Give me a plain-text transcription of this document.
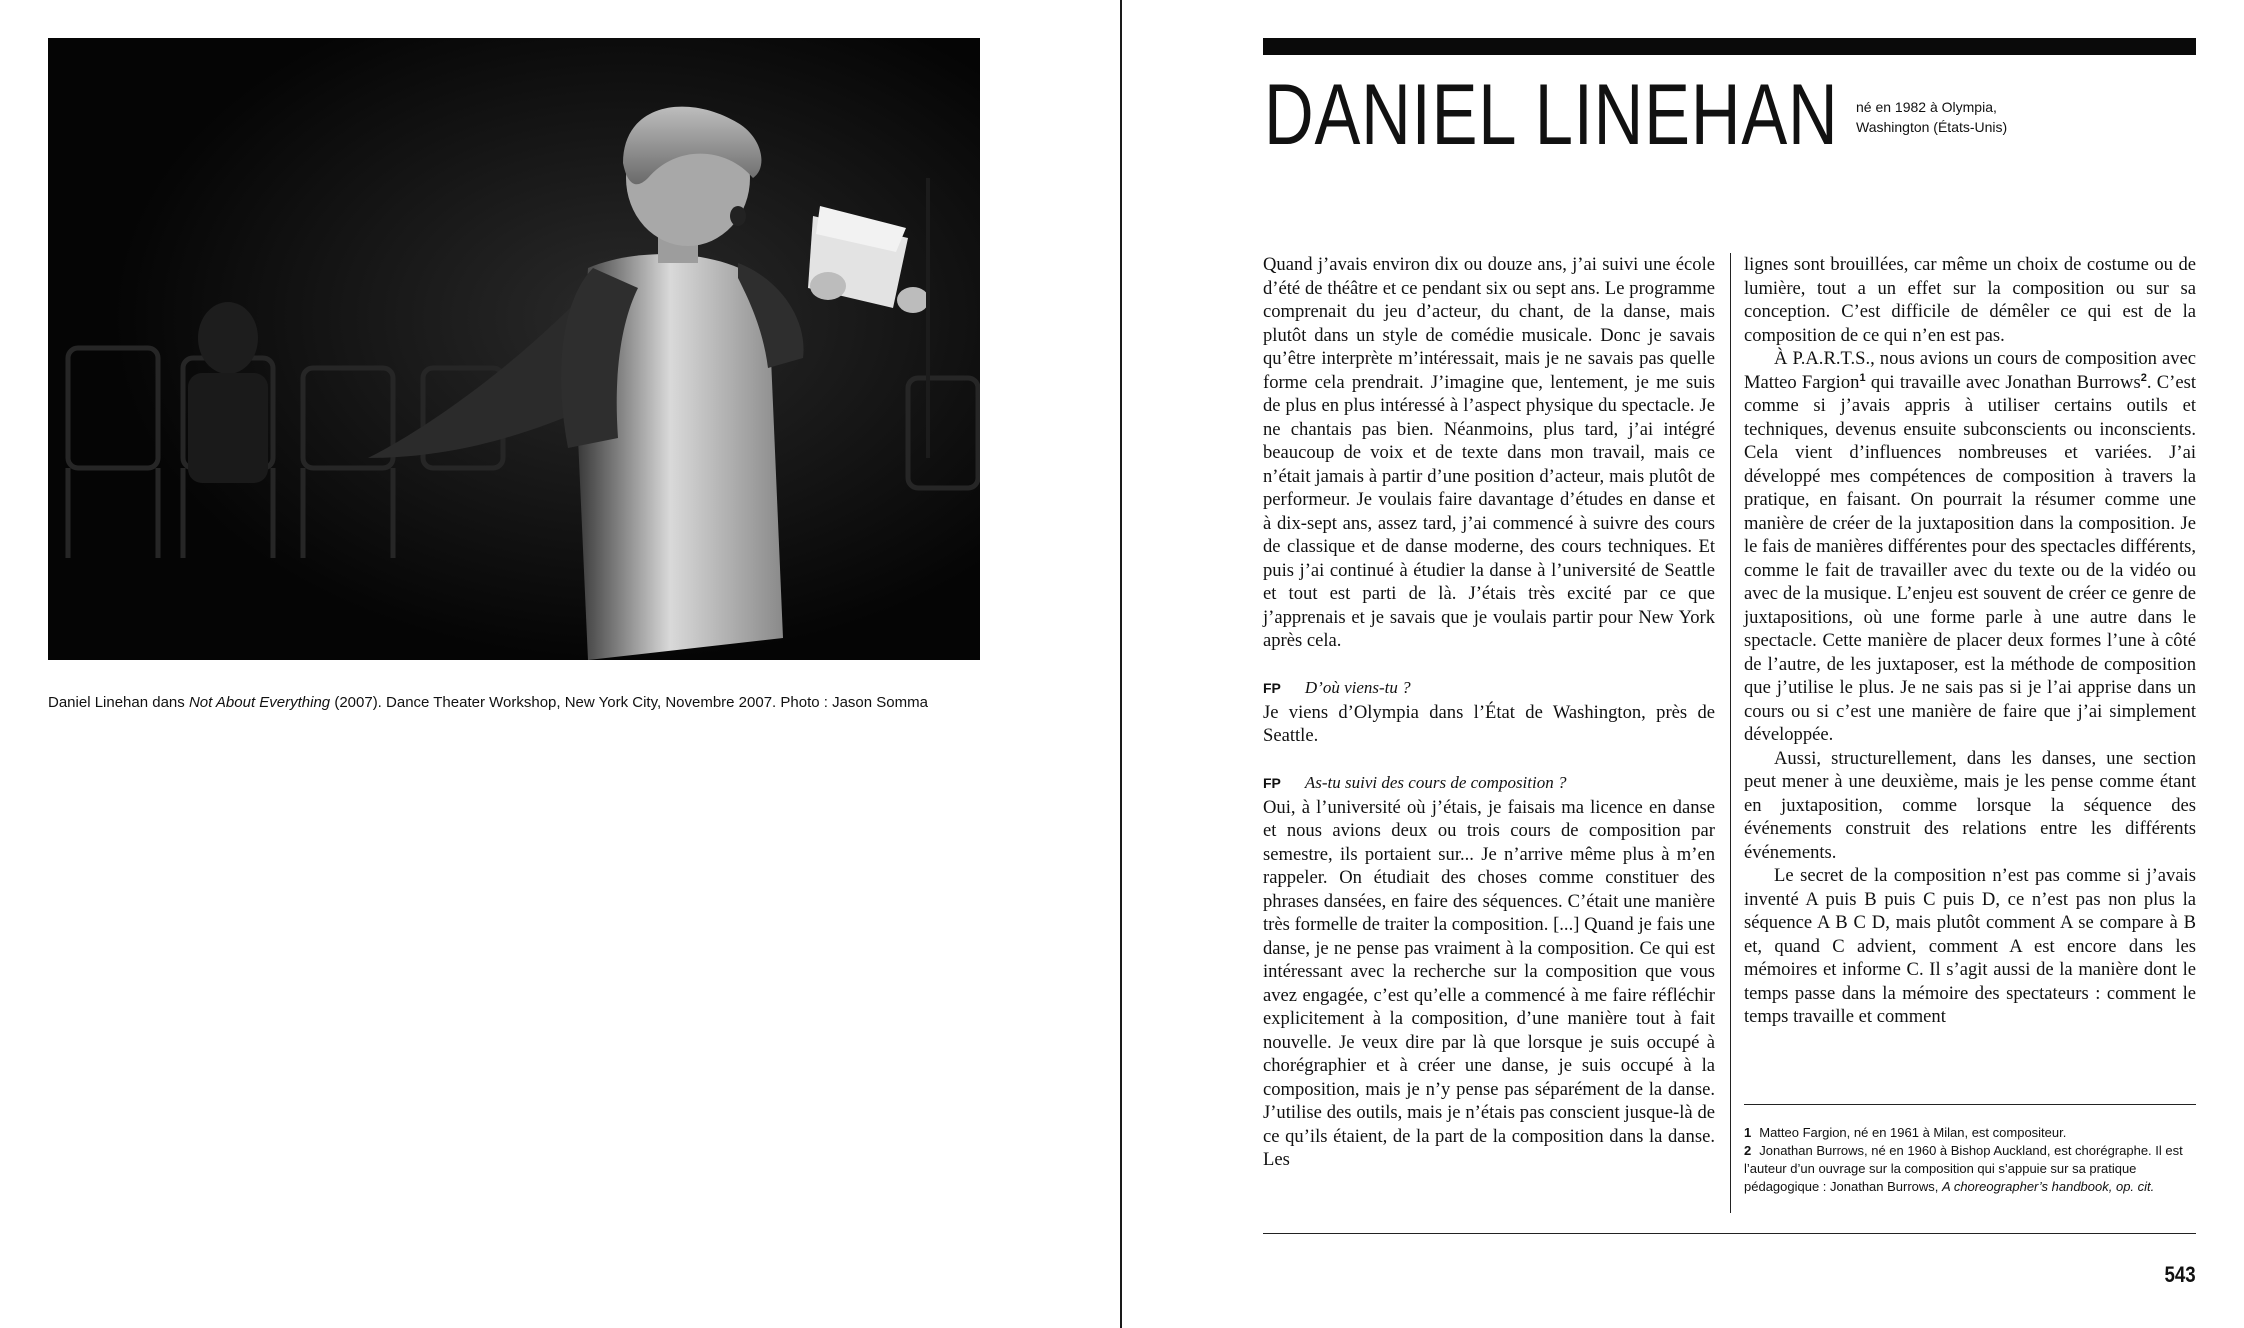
Daniel Linehan dans Not About Everything (2007). Dance Theater Workshop, New York City, Novembre 2007. Photo : Jason Somma
DANIEL LINEHAN né en 1982 à Olympia,
Washington (États-Unis)

Quand j’avais environ dix ou douze ans, j’ai suivi une école d’été de théâtre et ce pendant six ou sept ans. Le programme comprenait du jeu d’acteur, du chant, de la danse, mais plutôt dans un style de comédie musicale. Donc je savais qu’être interprète m’intéressait, mais je ne savais pas quelle forme cela prendrait. J’imagine que, lentement, je me suis de plus en plus intéressé à l’aspect physique du spectacle. Je ne chantais pas bien. Néanmoins, plus tard, j’ai intégré beaucoup de voix et de texte dans mon travail, mais ce n’était jamais à partir d’une position d’acteur, mais plutôt de performeur. Je voulais faire davantage d’études en danse et à dix-sept ans, assez tard, j’ai commencé à suivre des cours de classique et de danse moderne, des cours techniques. Et puis j’ai continué à étudier la danse à l’université de Seattle et tout est parti de là. J’étais très excité par ce que j’apprenais et je savais que je voulais partir pour New York après cela.

FP D’où viens-tu ?

Je viens d’Olympia dans l’État de Washington, près de Seattle.

FP As-tu suivi des cours de composition ?

Oui, à l’université où j’étais, je faisais ma licence en danse et nous avions deux ou trois cours de composition par semestre, ils portaient sur... Je n’arrive même plus à m’en rappeler. On étudiait des choses comme constituer des phrases dansées, en faire des séquences. C’était une manière très formelle de traiter la composition. [...] Quand je fais une danse, je ne pense pas vraiment à la composition. Ce qui est intéressant avec la recherche sur la composition que vous avez engagée, c’est qu’elle a commencé à me faire réfléchir explicitement à la composition, d’une manière tout à fait nouvelle. Je veux dire par là que lorsque je suis occupé à chorégraphier et à créer une danse, je suis occupé à la composition, mais je n’y pense pas séparément de la danse. J’utilise des outils, mais je n’étais pas conscient jusque-là de ce qu’ils étaient, de la part de la composition dans la danse. Les

lignes sont brouillées, car même un choix de costume ou de lumière, tout a un effet sur la composition ou sur sa conception. C’est difficile de démêler ce qui est de la composition de ce qui n’en est pas.

À P.A.R.T.S., nous avions un cours de composition avec Matteo Fargion$^1$ qui travaille avec Jonathan Burrows$^2$. C’est comme si j’avais appris à utiliser certains outils et techniques, devenus ensuite subconscients ou inconscients. Cela vient d’influences nombreuses et variées. J’ai développé mes compétences de composition à travers la pratique, en faisant. On pourrait la résumer comme une manière de créer de la juxtaposition dans la composition. Je le fais de manières différentes pour des spectacles différents, comme le fait de travailler avec du texte ou de la vidéo ou avec de la musique. L’enjeu est souvent de créer ce genre de juxtapositions, où une forme parle à une autre dans le spectacle. Cette manière de placer deux formes l’une à côté de l’autre, de les juxtaposer, est la méthode de composition que j’utilise le plus. Je ne sais pas si je l’ai apprise dans un cours ou si c’est une manière de faire que j’ai simplement développée.

Aussi, structurellement, dans les danses, une section peut mener à une deuxième, mais je les pense comme étant en juxtaposition, comme lorsque la séquence des événements construit des relations entre les différents événements.

Le secret de la composition n’est pas comme si j’avais inventé A puis B puis C puis D, ce n’est pas non plus la séquence A B C D, mais plutôt comment A se compare à B et, quand C advient, comment A est encore dans les mémoires et informe C. Il s’agit aussi de la manière dont le temps passe dans la mémoire des spectateurs : comment le temps travaille et comment

1 Matteo Fargion, né en 1961 à Milan, est compositeur.

2 Jonathan Burrows, né en 1960 à Bishop Auckland, est chorégraphe. Il est l’auteur d’un ouvrage sur la composition qui s’appuie sur sa pratique pédagogique : Jonathan Burrows, A choreographer’s handbook, op. cit.

543
